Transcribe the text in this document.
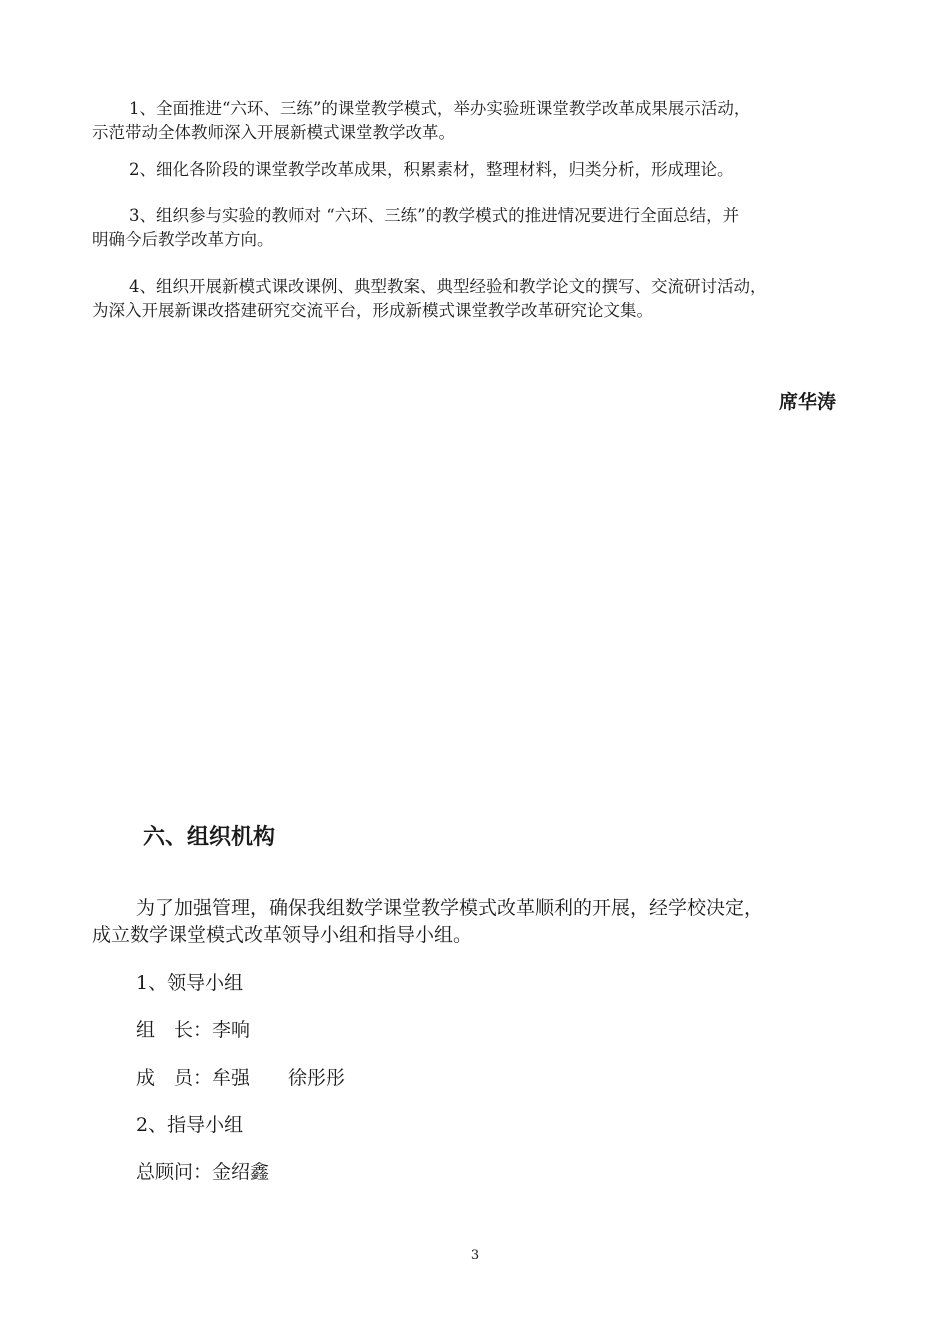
1、全面推进“六环、三练”的课堂教学模式，举办实验班课堂教学改革成果展示活动，
示范带动全体教师深入开展新模式课堂教学改革。

2、细化各阶段的课堂教学改革成果，积累素材，整理材料，归类分析，形成理论。

3、组织参与实验的教师对 “六环、三练”的教学模式的推进情况要进行全面总结，并
明确今后教学改革方向。

4、组织开展新模式课改课例、典型教案、典型经验和教学论文的撰写、交流研讨活动，
为深入开展新课改搭建研究交流平台，形成新模式课堂教学改革研究论文集。

席华涛
六、组织机构

为了加强管理，确保我组数学课堂教学模式改革顺利的开展，经学校决定，
成立数学课堂模式改革领导小组和指导小组。

1、领导小组

组　长：李响

成　员：牟强　　徐彤彤

2、指导小组

总顾问：金绍鑫

3
